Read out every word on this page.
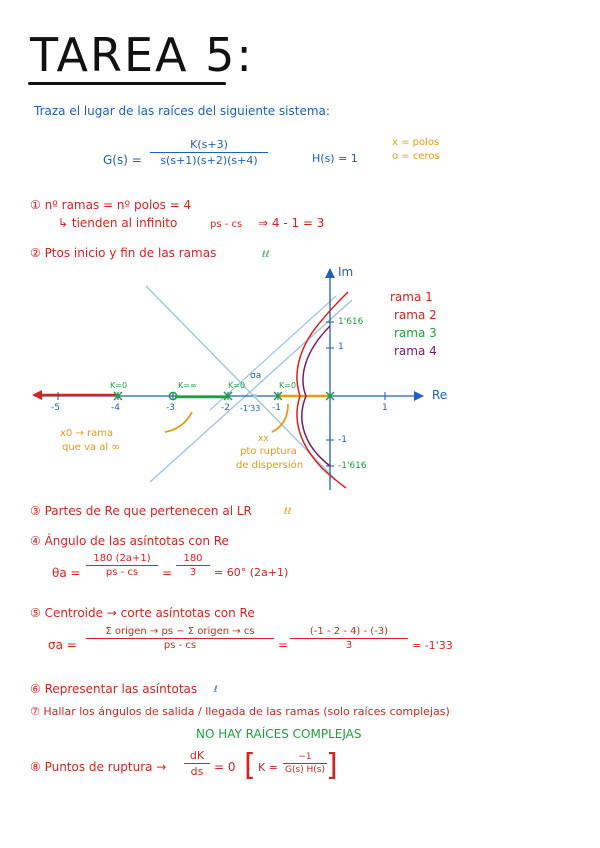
TAREA 5:
Traza el lugar de las raíces del siguiente sistema:
$G(s) = \frac{K(s+3)}{s(s+1)(s+2)(s+4)}$	H(s) = 1
x = polos
o = ceros
① nº ramas = nº polos = 4
↳ tienden al infinito	ps - cs ⇒ 4 - 1 = 3
② Ptos inicio y fin de las ramas	ℓℓ
Re
Im
-5	-4	-3	-2	-1	1
-1'33
1'616
1
-1
-1'616
K=0	K=∞	K=0	K=0
σa
rama 1
rama 2
rama 3
rama 4
x0 → rama
que va al ∞
xx
pto ruptura
de dispersión
③ Partes de Re que pertenecen al LR	ℓℓ
④ Ángulo de las asíntotas con Re
$\theta a = \frac{180 (2a+1)}{ps - cs} = \frac{180}{3} = 60^\circ$ (2a+1)
⑤ Centroide → corte asíntotas con Re
σa =
Σ origen → ps − Σ origen → cs
ps - cs	= $\frac{(-1 - 2 - 4) - (-3)}{3} = -1'33$
⑥ Representar las asíntotas ℓ
⑦ Hallar los ángulos de salida / llegada de las ramas (solo raíces complejas)
NO HAY RAÍCES COMPLEJAS
⑧ Puntos de ruptura → $\frac{dK}{ds} = 0$ [ $K = \frac{-1}{G(s) H(s)}$ ]
